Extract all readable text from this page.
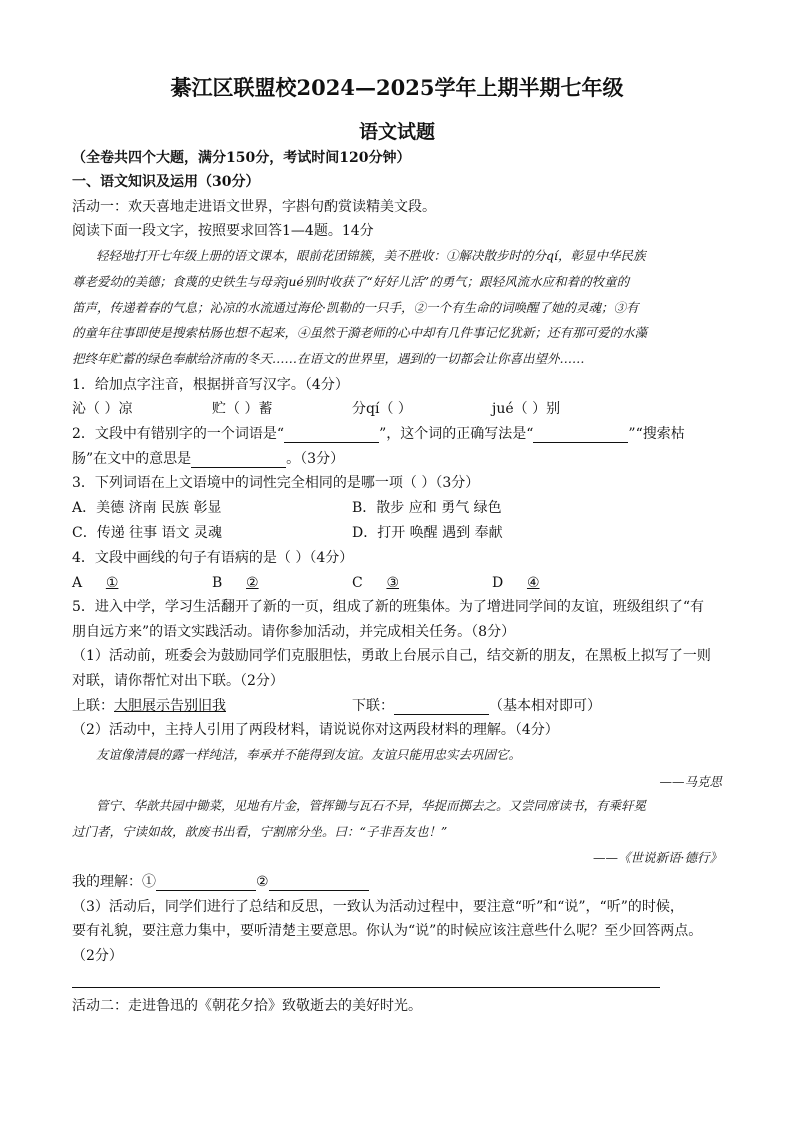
綦江区联盟校2024—2025学年上期半期七年级
语文试题
（全卷共四个大题，满分150分，考试时间120分钟）
一、语文知识及运用（30分）
活动一：欢天喜地走进语文世界，字斟句酌赏读精美文段。
阅读下面一段文字，按照要求回答1—4题。14分
轻轻地打开七年级上册的语文课本，眼前花团锦簇，美不胜收：①解决散步时的分qí，彰显中华民族
尊老爱幼的美德；食蔑的史铁生与母亲jué别时收获了“好好儿活”的勇气；跟轻风流水应和着的牧童的
笛声，传递着春的气息；沁凉的水流通过海伦·凯勒的一只手，②一个有生命的词唤醒了她的灵魂；③有
的童年往事即使是搜索枯肠也想不起来，④虽然于漪老师的心中却有几件事记忆犹新；还有那可爱的水藻
把终年贮蓄的绿色奉献给济南的冬天……在语文的世界里，遇到的一切都会让你喜出望外……
1．给加点字注音，根据拼音写汉字。（4分）
沁（ ）凉	贮（ ）蓄	分qí（ ）	jué（ ）别
2．文段中有错别字的一个词语是“	”，这个词的正确写法是“	”“搜索枯
肠”在文中的意思是	。（3分）
3．下列词语在上文语境中的词性完全相同的是哪一项（ ）（3分）
A．美德 济南 民族 彰显	B．散步 应和 勇气 绿色
C．传递 往事 语文 灵魂	D．打开 唤醒 遇到 奉献
4．文段中画线的句子有语病的是（ ）（4分）
A ①	B ②	C ③	D ④
5．进入中学，学习生活翻开了新的一页，组成了新的班集体。为了增进同学间的友谊，班级组织了“有
朋自远方来”的语文实践活动。请你参加活动，并完成相关任务。（8分）
（1）活动前，班委会为鼓励同学们克服胆怯，勇敢上台展示自己，结交新的朋友，在黑板上拟写了一则
对联，请你帮忙对出下联。（2分）
上联：大胆展示告别旧我	下联：	（基本相对即可）
（2）活动中，主持人引用了两段材料，请说说你对这两段材料的理解。（4分）
友谊像清晨的露一样纯洁，奉承并不能得到友谊。友谊只能用忠实去巩固它。
——马克思
管宁、华歆共园中锄菜，见地有片金，管挥锄与瓦石不异，华捉而掷去之。又尝同席读书，有乘轩冕
过门者，宁读如故，歆废书出看，宁割席分坐。曰：“子非吾友也！”
——《世说新语·德行》
我的理解：①	②
（3）活动后，同学们进行了总结和反思，一致认为活动过程中，要注意“听”和“说”，“听”的时候，
要有礼貌，要注意力集中，要听清楚主要意思。你认为“说”的时候应该注意些什么呢？至少回答两点。
（2分）
活动二：走进鲁迅的《朝花夕拾》致敬逝去的美好时光。
